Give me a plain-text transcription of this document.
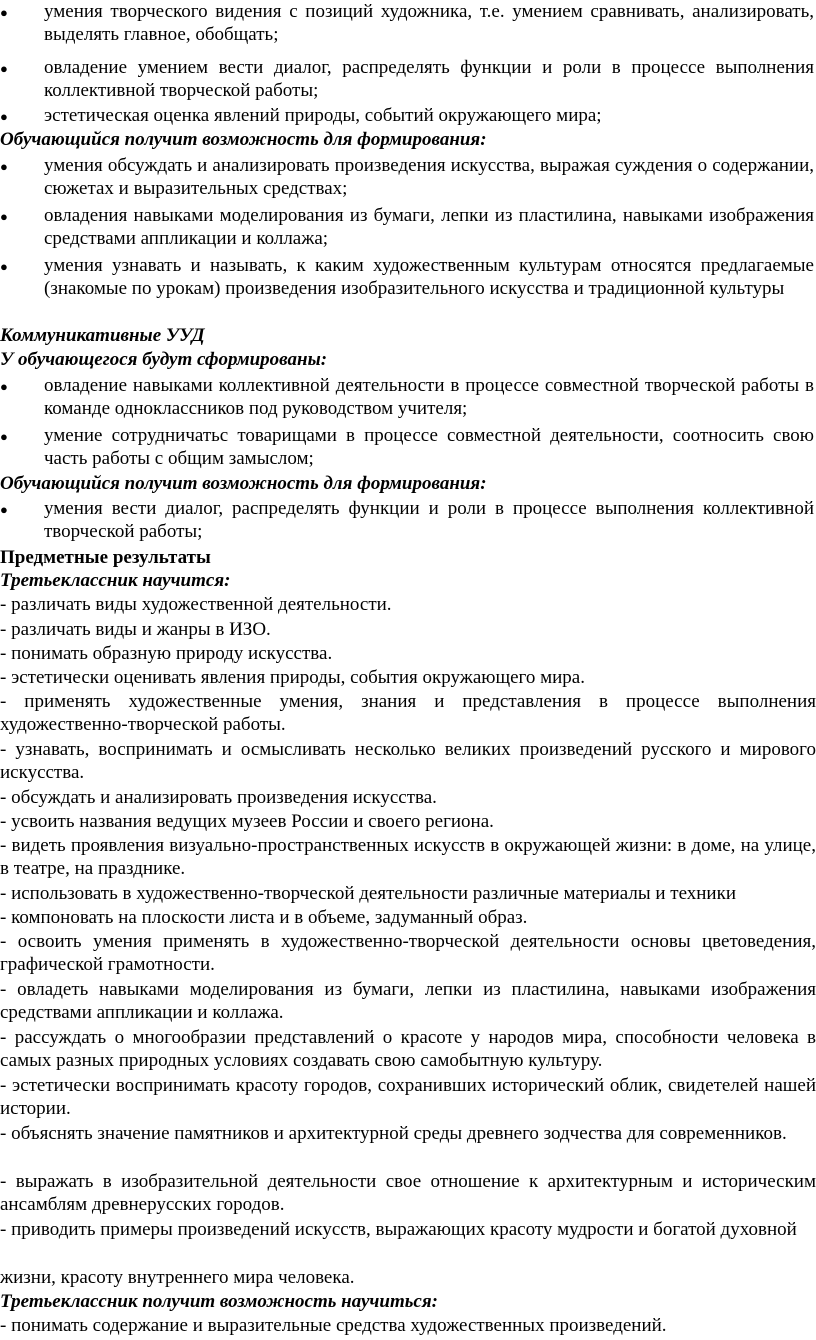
● умения творческого видения с позиций художника, т.е. умением сравнивать, анализировать, выделять главное, обобщать;
● овладение умением вести диалог, распределять функции и роли в процессе выполнения коллективной творческой работы;
● эстетическая оценка явлений природы, событий окружающего мира;
Обучающийся получит возможность для формирования:
● умения обсуждать и анализировать произведения искусства, выражая суждения о содержании, сюжетах и выразительных средствах;
● овладения навыками моделирования из бумаги, лепки из пластилина, навыками изображения средствами аппликации и коллажа;
● умения узнавать и называть, к каким художественным культурам относятся предлагаемые (знакомые по урокам) произведения изобразительного искусства и традиционной культуры
Коммуникативные УУД
У обучающегося будут сформированы:
● овладение навыками коллективной деятельности в процессе совместной творческой работы в команде одноклассников под руководством учителя;
● умение сотрудничатьс товарищами в процессе совместной деятельности, соотносить свою часть работы с общим замыслом;
Обучающийся получит возможность для формирования:
● умения вести диалог, распределять функции и роли в процессе выполнения коллективной творческой работы;
Предметные результаты
Третьеклассник научится:
- различать виды художественной деятельности.
- различать виды и жанры в ИЗО.
- понимать образную природу искусства.
- эстетически оценивать явления природы, события окружающего мира.
- применять художественные умения, знания и представления в процессе выполнения художественно-творческой работы.
- узнавать, воспринимать и осмысливать несколько великих произведений русского и мирового искусства.
- обсуждать и анализировать произведения искусства.
- усвоить названия ведущих музеев России и своего региона.
- видеть проявления визуально-пространственных искусств в окружающей жизни: в доме, на улице, в театре, на празднике.
- использовать в художественно-творческой деятельности различные материалы и техники
- компоновать на плоскости листа и в объеме, задуманный образ.
- освоить умения применять в художественно-творческой деятельности основы цветоведения, графической грамотности.
- овладеть навыками моделирования из бумаги, лепки из пластилина, навыками изображения средствами аппликации и коллажа.
- рассуждать о многообразии представлений о красоте у народов мира, способности человека в самых разных природных условиях создавать свою самобытную культуру.
- эстетически воспринимать красоту городов, сохранивших исторический облик, свидетелей нашей истории.
- объяснять значение памятников и архитектурной среды древнего зодчества для современников.
- выражать в изобразительной деятельности свое отношение к архитектурным и историческим ансамблям древнерусских городов.
- приводить примеры произведений искусств, выражающих красоту мудрости и богатой духовной
жизни, красоту внутреннего мира человека.
Третьеклассник получит возможность научиться:
- понимать содержание и выразительные средства художественных произведений.
